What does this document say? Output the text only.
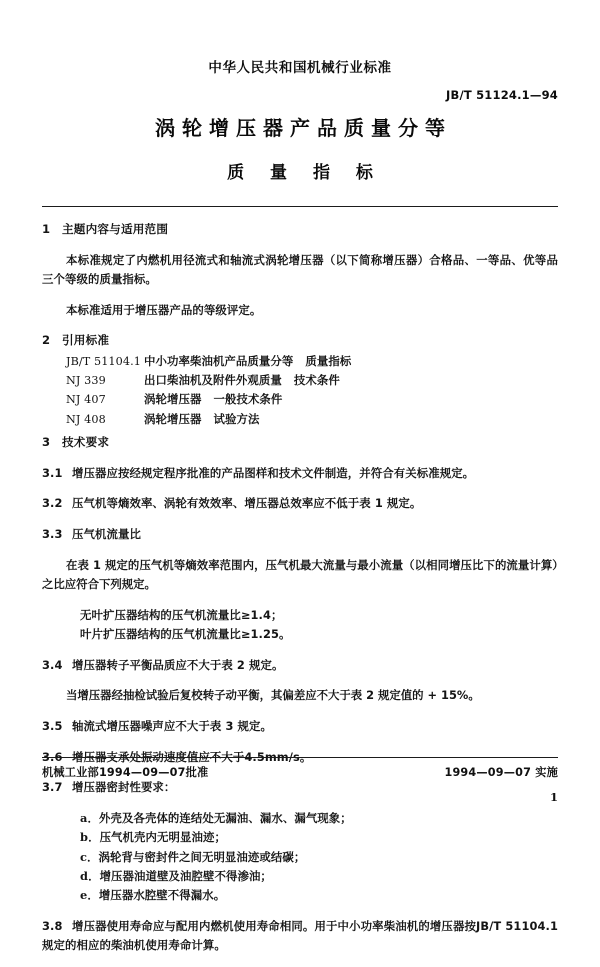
中华人民共和国机械行业标准
JB/T 51124.1—94
涡轮增压器产品质量分等
质 量 指 标
1 主题内容与适用范围

本标准规定了内燃机用径流式和轴流式涡轮增压器（以下简称增压器）合格品、一等品、优等品三个等级的质量指标。

本标准适用于增压器产品的等级评定。

2 引用标准
JB/T 51104.1 中小功率柴油机产品质量分等 质量指标
NJ 339	出口柴油机及附件外观质量 技术条件
NJ 407	涡轮增压器 一般技术条件
NJ 408	涡轮增压器 试验方法
3 技术要求

3.1 增压器应按经规定程序批准的产品图样和技术文件制造，并符合有关标准规定。

3.2 压气机等熵效率、涡轮有效效率、增压器总效率应不低于表 1 规定。

3.3 压气机流量比

在表 1 规定的压气机等熵效率范围内，压气机最大流量与最小流量（以相同增压比下的流量计算）之比应符合下列规定。

无叶扩压器结构的压气机流量比≥1.4；
叶片扩压器结构的压气机流量比≥1.25。

3.4 增压器转子平衡品质应不大于表 2 规定。

当增压器经抽检试验后复校转子动平衡，其偏差应不大于表 2 规定值的 + 15%。

3.5 轴流式增压器噪声应不大于表 3 规定。

3.6 增压器支承处振动速度值应不大于4.5mm/s。

3.7 增压器密封性要求：

a．外壳及各壳体的连结处无漏油、漏水、漏气现象；
b．压气机壳内无明显油迹；
c．涡轮背与密封件之间无明显油迹或结碳；
d．增压器油道壁及油腔壁不得渗油；
e．增压器水腔壁不得漏水。

3.8 增压器使用寿命应与配用内燃机使用寿命相同。用于中小功率柴油机的增压器按JB/T 51104.1规定的相应的柴油机使用寿命计算。

机械工业部1994—09—07批准	1994—09—07 实施
1
